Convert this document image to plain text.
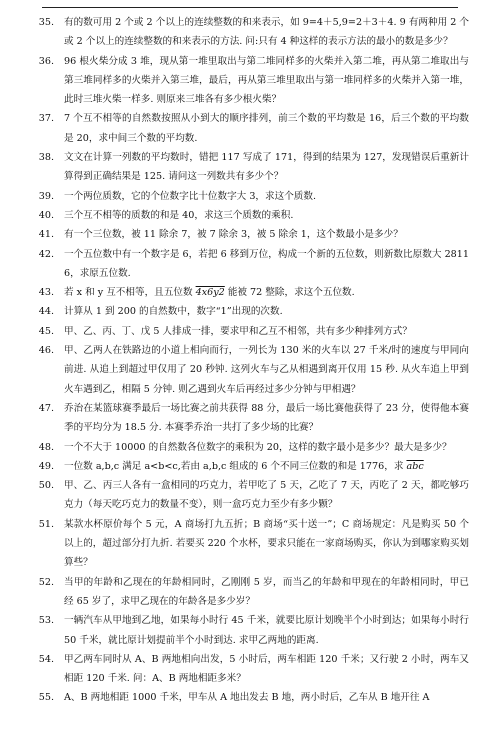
35.	有的数可用 2 个或 2 个以上的连续整数的和来表示，如 9=4＋5,9=2＋3＋4. 9 有两种用 2 个或 2 个以上的连续整数的和来表示的方法. 问:只有 4 种这样的表示方法的最小的数是多少？
36.	96 根火柴分成 3 堆，现从第一堆里取出与第二堆同样多的火柴并入第二堆，再从第二堆取出与第三堆同样多的火柴并入第三堆，最后，再从第三堆里取出与第一堆同样多的火柴并入第一堆，此时三堆火柴一样多. 则原来三堆各有多少根火柴？
37.	7 个互不相等的自然数按照从小到大的顺序排列，前三个数的平均数是 16，后三个数的平均数是 20，求中间三个数的平均数.
38.	文文在计算一列数的平均数时，错把 117 写成了 171，得到的结果为 127，发现错误后重新计算得到正确结果是 125. 请问这一列数共有多少个？
39.	一个两位质数，它的个位数字比十位数字大 3，求这个质数.
40.	三个互不相等的质数的和是 40，求这三个质数的乘积.
41.	有一个三位数，被 11 除余 7，被 7 除余 3，被 5 除余 1，这个数最小是多少？
42.	一个五位数中有一个数字是 6，若把 6 移到万位，构成一个新的五位数，则新数比原数大 28116，求原五位数.
43.	若 x 和 y 互不相等，且五位数 4x6y2 能被 72 整除，求这个五位数.
44.	计算从 1 到 200 的自然数中，数字“1”出现的次数.
45.	甲、乙、丙、丁、戊 5 人排成一排，要求甲和乙互不相邻，共有多少种排列方式？
46.	甲、乙两人在铁路边的小道上相向而行，一列长为 130 米的火车以 27 千米/时的速度与甲同向前进. 从追上到超过甲仅用了 20 秒钟. 这列火车与乙从相遇到离开仅用 15 秒. 从火车追上甲到火车遇到乙，相隔 5 分钟. 则乙遇到火车后再经过多少分钟与甲相遇？
47.	乔治在某篮球赛季最后一场比赛之前共获得 88 分，最后一场比赛他获得了 23 分，使得他本赛季的平均分为 18.5 分. 本赛季乔治一共打了多少场的比赛？
48.	一个不大于 10000 的自然数各位数字的乘积为 20，这样的数字最小是多少？最大是多少？
49.	一位数 a,b,c 满足 a<b<c,若由 a,b,c 组成的 6 个不同三位数的和是 1776，求 $\overline{abc}$
50.	甲、乙、丙三人各有一盒相同的巧克力，若甲吃了 5 天，乙吃了 7 天，丙吃了 2 天，都吃够巧克力（每天吃巧克力的数量不变），则一盒巧克力至少有多少颗？
51.	某款水杯原价每个 5 元，A 商场打九五折；B 商场“买十送一”；C 商场规定：凡是购买 50 个以上的，超过部分打九折. 若要买 220 个水杯，要求只能在一家商场购买，你认为到哪家购买划算些？
52.	当甲的年龄和乙现在的年龄相同时，乙刚刚 5 岁，而当乙的年龄和甲现在的年龄相同时，甲已经 65 岁了，求甲乙现在的年龄各是多少岁？
53.	一辆汽车从甲地到乙地，如果每小时行 45 千米，就要比原计划晚半个小时到达；如果每小时行 50 千米，就比原计划提前半个小时到达. 求甲乙两地的距离.
54.	甲乙两车同时从 A、B 两地相向出发，5 小时后，两车相距 120 千米；又行驶 2 小时，两车又相距 120 千米. 问：A、B 两地相距多米？
55.	A、B 两地相距 1000 千米，甲车从 A 地出发去 B 地，两小时后，乙车从 B 地开往 A
